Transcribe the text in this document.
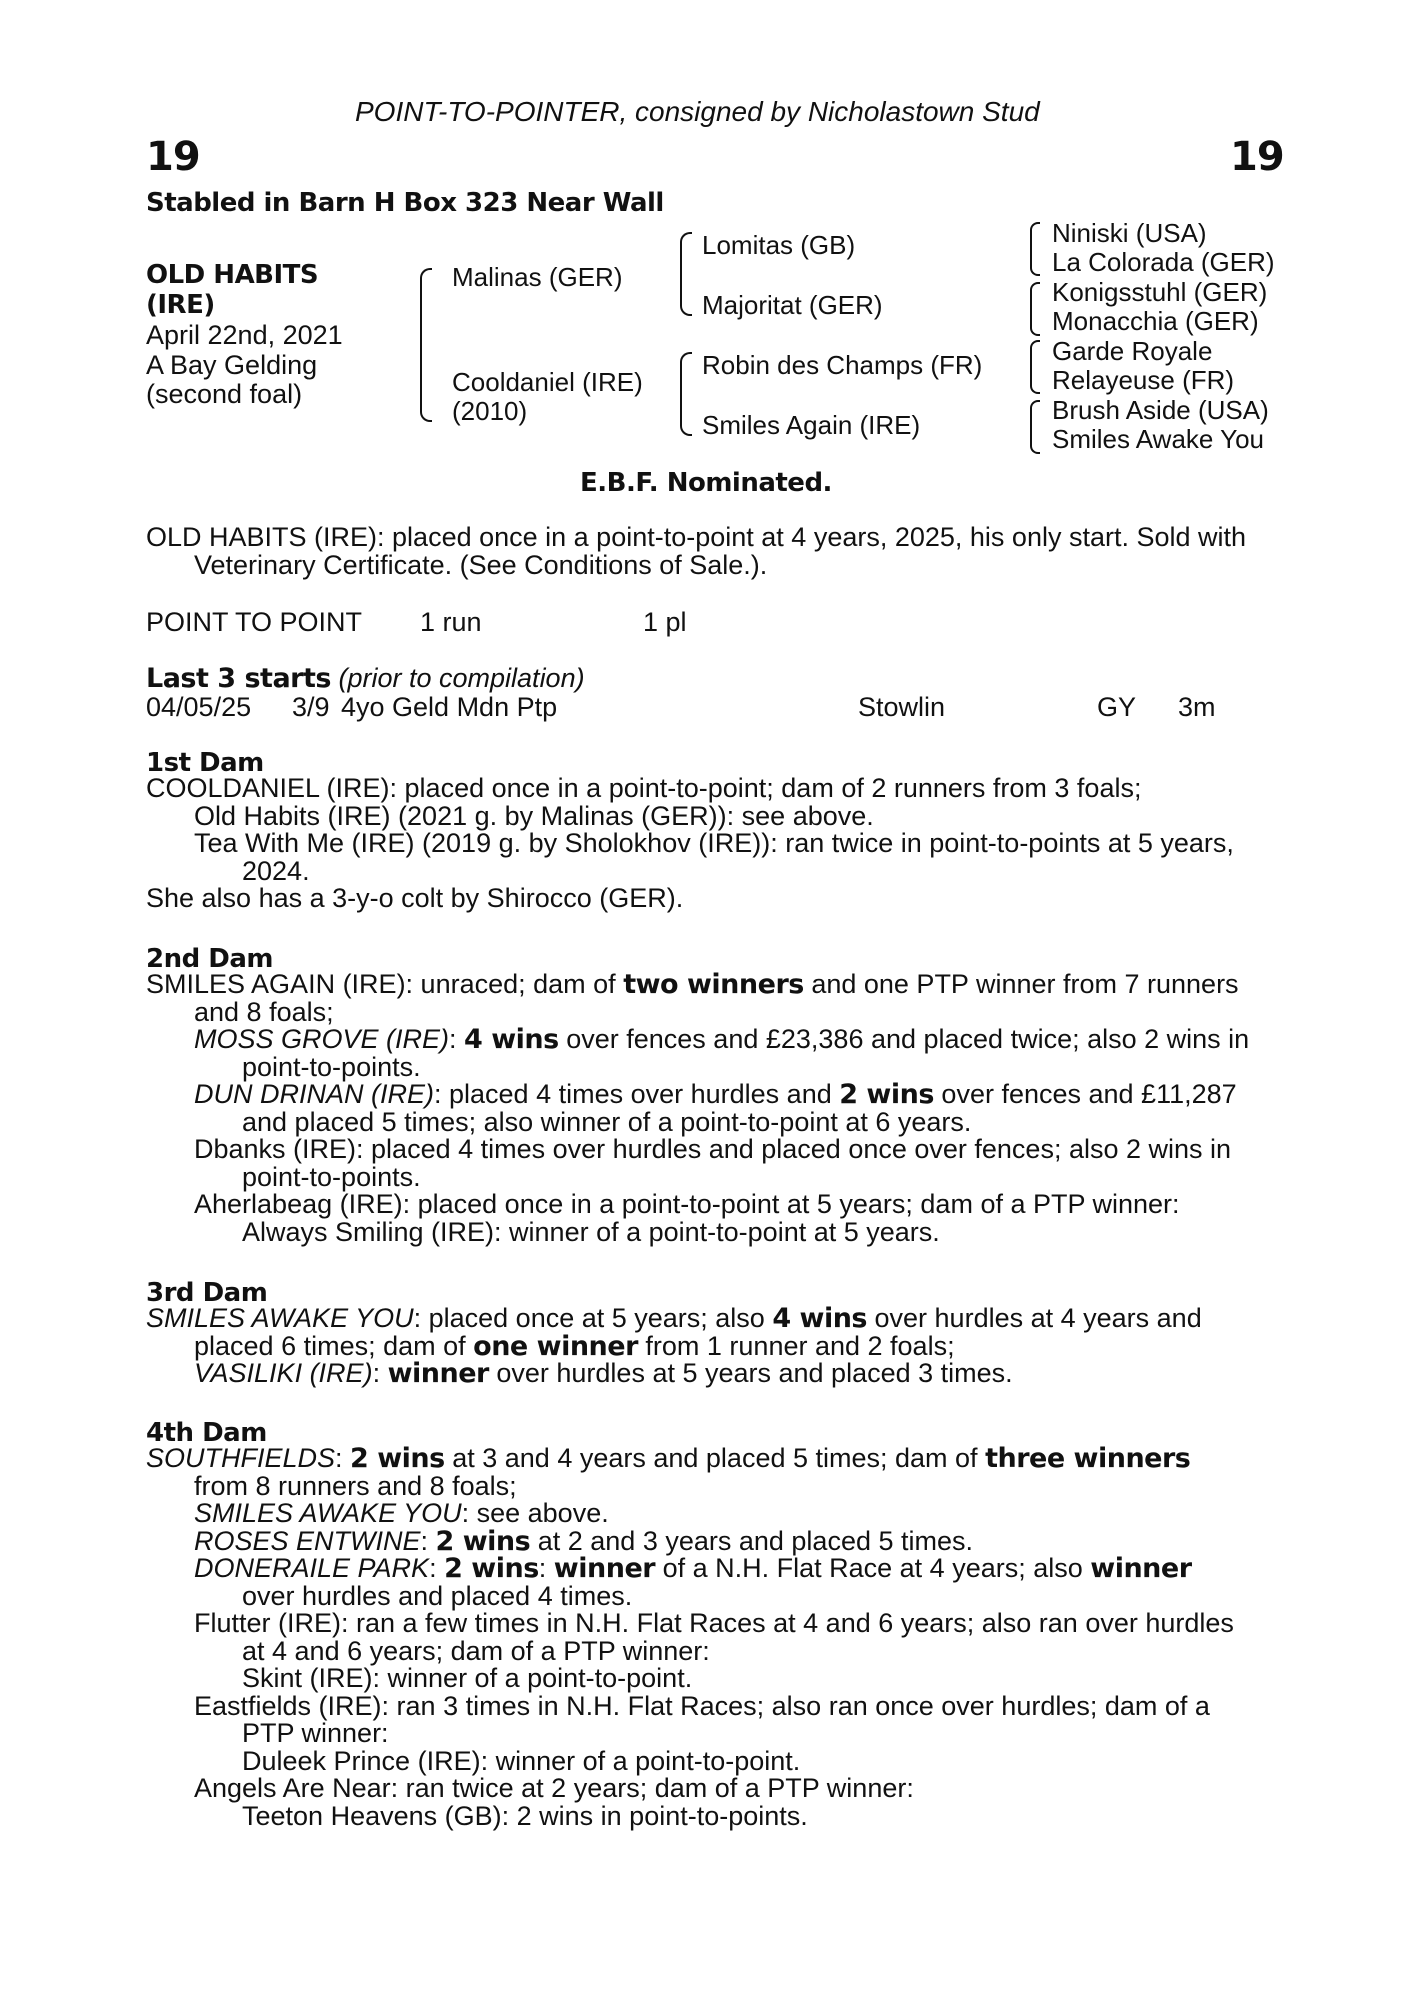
POINT-TO-POINTER, consigned by Nicholastown Stud
19	19
Stabled in Barn H Box 323 Near Wall
OLD HABITS
(IRE)
April 22nd, 2021
A Bay Gelding
(second foal)
Malinas (GER)
Cooldaniel (IRE)
(2010)
Lomitas (GB)
Majoritat (GER)
Robin des Champs (FR)
Smiles Again (IRE)
Niniski (USA)
La Colorada (GER)
Konigsstuhl (GER)
Monacchia (GER)
Garde Royale
Relayeuse (FR)
Brush Aside (USA)
Smiles Awake You
E.B.F. Nominated.
OLD HABITS (IRE): placed once in a point-to-point at 4 years, 2025, his only start. Sold with
Veterinary Certificate. (See Conditions of Sale.).
POINT TO POINT 1 run	1 pl
Last 3 starts (prior to compilation)
04/05/25 3/9 4yo Geld Mdn Ptp	Stowlin	GY 3m
1st Dam
COOLDANIEL (IRE): placed once in a point-to-point; dam of 2 runners from 3 foals;
Old Habits (IRE) (2021 g. by Malinas (GER)): see above.
Tea With Me (IRE) (2019 g. by Sholokhov (IRE)): ran twice in point-to-points at 5 years,
2024.
She also has a 3-y-o colt by Shirocco (GER).
2nd Dam
SMILES AGAIN (IRE): unraced; dam of two winners and one PTP winner from 7 runners
and 8 foals;
MOSS GROVE (IRE): 4 wins over fences and £23,386 and placed twice; also 2 wins in
point-to-points.
DUN DRINAN (IRE): placed 4 times over hurdles and 2 wins over fences and £11,287
and placed 5 times; also winner of a point-to-point at 6 years.
Dbanks (IRE): placed 4 times over hurdles and placed once over fences; also 2 wins in
point-to-points.
Aherlabeag (IRE): placed once in a point-to-point at 5 years; dam of a PTP winner:
Always Smiling (IRE): winner of a point-to-point at 5 years.
3rd Dam
SMILES AWAKE YOU: placed once at 5 years; also 4 wins over hurdles at 4 years and
placed 6 times; dam of one winner from 1 runner and 2 foals;
VASILIKI (IRE): winner over hurdles at 5 years and placed 3 times.
4th Dam
SOUTHFIELDS: 2 wins at 3 and 4 years and placed 5 times; dam of three winners
from 8 runners and 8 foals;
SMILES AWAKE YOU: see above.
ROSES ENTWINE: 2 wins at 2 and 3 years and placed 5 times.
DONERAILE PARK: 2 wins: winner of a N.H. Flat Race at 4 years; also winner
over hurdles and placed 4 times.
Flutter (IRE): ran a few times in N.H. Flat Races at 4 and 6 years; also ran over hurdles
at 4 and 6 years; dam of a PTP winner:
Skint (IRE): winner of a point-to-point.
Eastfields (IRE): ran 3 times in N.H. Flat Races; also ran once over hurdles; dam of a
PTP winner:
Duleek Prince (IRE): winner of a point-to-point.
Angels Are Near: ran twice at 2 years; dam of a PTP winner:
Teeton Heavens (GB): 2 wins in point-to-points.
